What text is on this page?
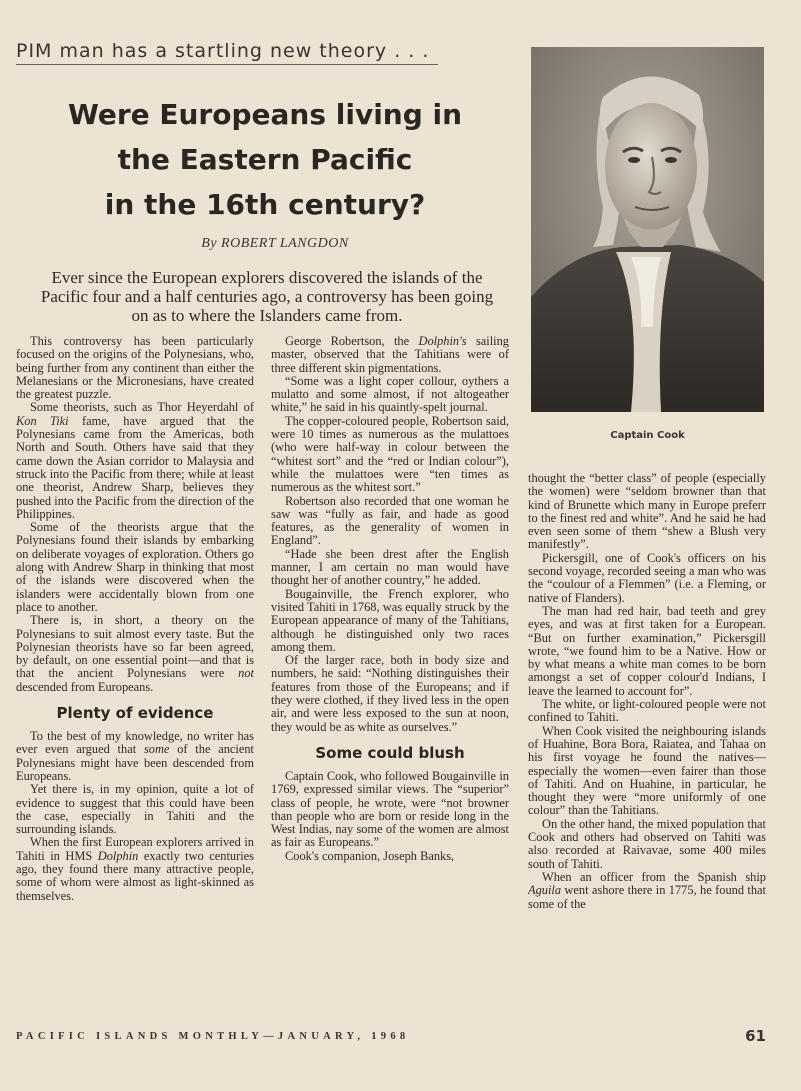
PIM man has a startling new theory . . .
Were Europeans living in
the Eastern Pacific
in the 16th century?
By ROBERT LANGDON
Ever since the European explorers discovered the islands of the Pacific four and a half centuries ago, a controversy has been going on as to where the Islanders came from.
Captain Cook

This controversy has been particularly focused on the origins of the Polynesians, who, being further from any continent than either the Melanesians or the Micronesians, have created the greatest puzzle.

Some theorists, such as Thor Heyerdahl of Kon Tiki fame, have argued that the Polynesians came from the Americas, both North and South. Others have said that they came down the Asian corridor to Malaysia and struck into the Pacific from there; while at least one theorist, Andrew Sharp, believes they pushed into the Pacific from the direction of the Philippines.

Some of the theorists argue that the Polynesians found their islands by embarking on deliberate voyages of exploration. Others go along with Andrew Sharp in thinking that most of the islands were discovered when the islanders were accidentally blown from one place to another.

There is, in short, a theory on the Polynesians to suit almost every taste. But the Polynesian theorists have so far been agreed, by default, on one essential point—and that is that the ancient Polynesians were not descended from Europeans.

Plenty of evidence

To the best of my knowledge, no writer has ever even argued that some of the ancient Polynesians might have been descended from Europeans.

Yet there is, in my opinion, quite a lot of evidence to suggest that this could have been the case, especially in Tahiti and the surrounding islands.

When the first European explorers arrived in Tahiti in HMS Dolphin exactly two centuries ago, they found there many attractive people, some of whom were almost as light-skinned as themselves.

George Robertson, the Dolphin's sailing master, observed that the Tahitians were of three different skin pigmentations.

“Some was a light coper collour, oythers a mulatto and some almost, if not altogeather white,” he said in his quaintly-spelt journal.

The copper-coloured people, Robertson said, were 10 times as numerous as the mulattoes (who were half-way in colour between the “whitest sort” and the “red or Indian colour”), while the mulattoes were “ten times as numerous as the whitest sort.”

Robertson also recorded that one woman he saw was “fully as fair, and hade as good features, as the generality of women in England”.

“Hade she been drest after the English manner, I am certain no man would have thought her of another country,” he added.

Bougainville, the French explorer, who visited Tahiti in 1768, was equally struck by the European appearance of many of the Tahitians, although he distinguished only two races among them.

Of the larger race, both in body size and numbers, he said: “Nothing distinguishes their features from those of the Europeans; and if they were clothed, if they lived less in the open air, and were less exposed to the sun at noon, they would be as white as ourselves.”

Some could blush

Captain Cook, who followed Bougainville in 1769, expressed similar views. The “superior” class of people, he wrote, were “not browner than people who are born or reside long in the West Indias, nay some of the women are almost as fair as Europeans.”

Cook's companion, Joseph Banks,

thought the “better class” of people (especially the women) were “seldom browner than that kind of Brunette which many in Europe preferr to the finest red and white”. And he said he had even seen some of them “shew a Blush very manifestly”.

Pickersgill, one of Cook's officers on his second voyage, recorded seeing a man who was the “coulour of a Flemmen” (i.e. a Fleming, or native of Flanders).

The man had red hair, bad teeth and grey eyes, and was at first taken for a European. “But on further examination,” Pickersgill wrote, “we found him to be a Native. How or by what means a white man comes to be born amongst a set of copper colour'd Indians, I leave the learned to account for”.

The white, or light-coloured people were not confined to Tahiti.

When Cook visited the neighbouring islands of Huahine, Bora Bora, Raiatea, and Tahaa on his first voyage he found the natives—especially the women—even fairer than those of Tahiti. And on Huahine, in particular, he thought they were “more uniformly of one colour” than the Tahitians.

On the other hand, the mixed population that Cook and others had observed on Tahiti was also recorded at Raivavae, some 400 miles south of Tahiti.

When an officer from the Spanish ship Aguila went ashore there in 1775, he found that some of the

PACIFIC ISLANDS MONTHLY—JANUARY, 1968	61
